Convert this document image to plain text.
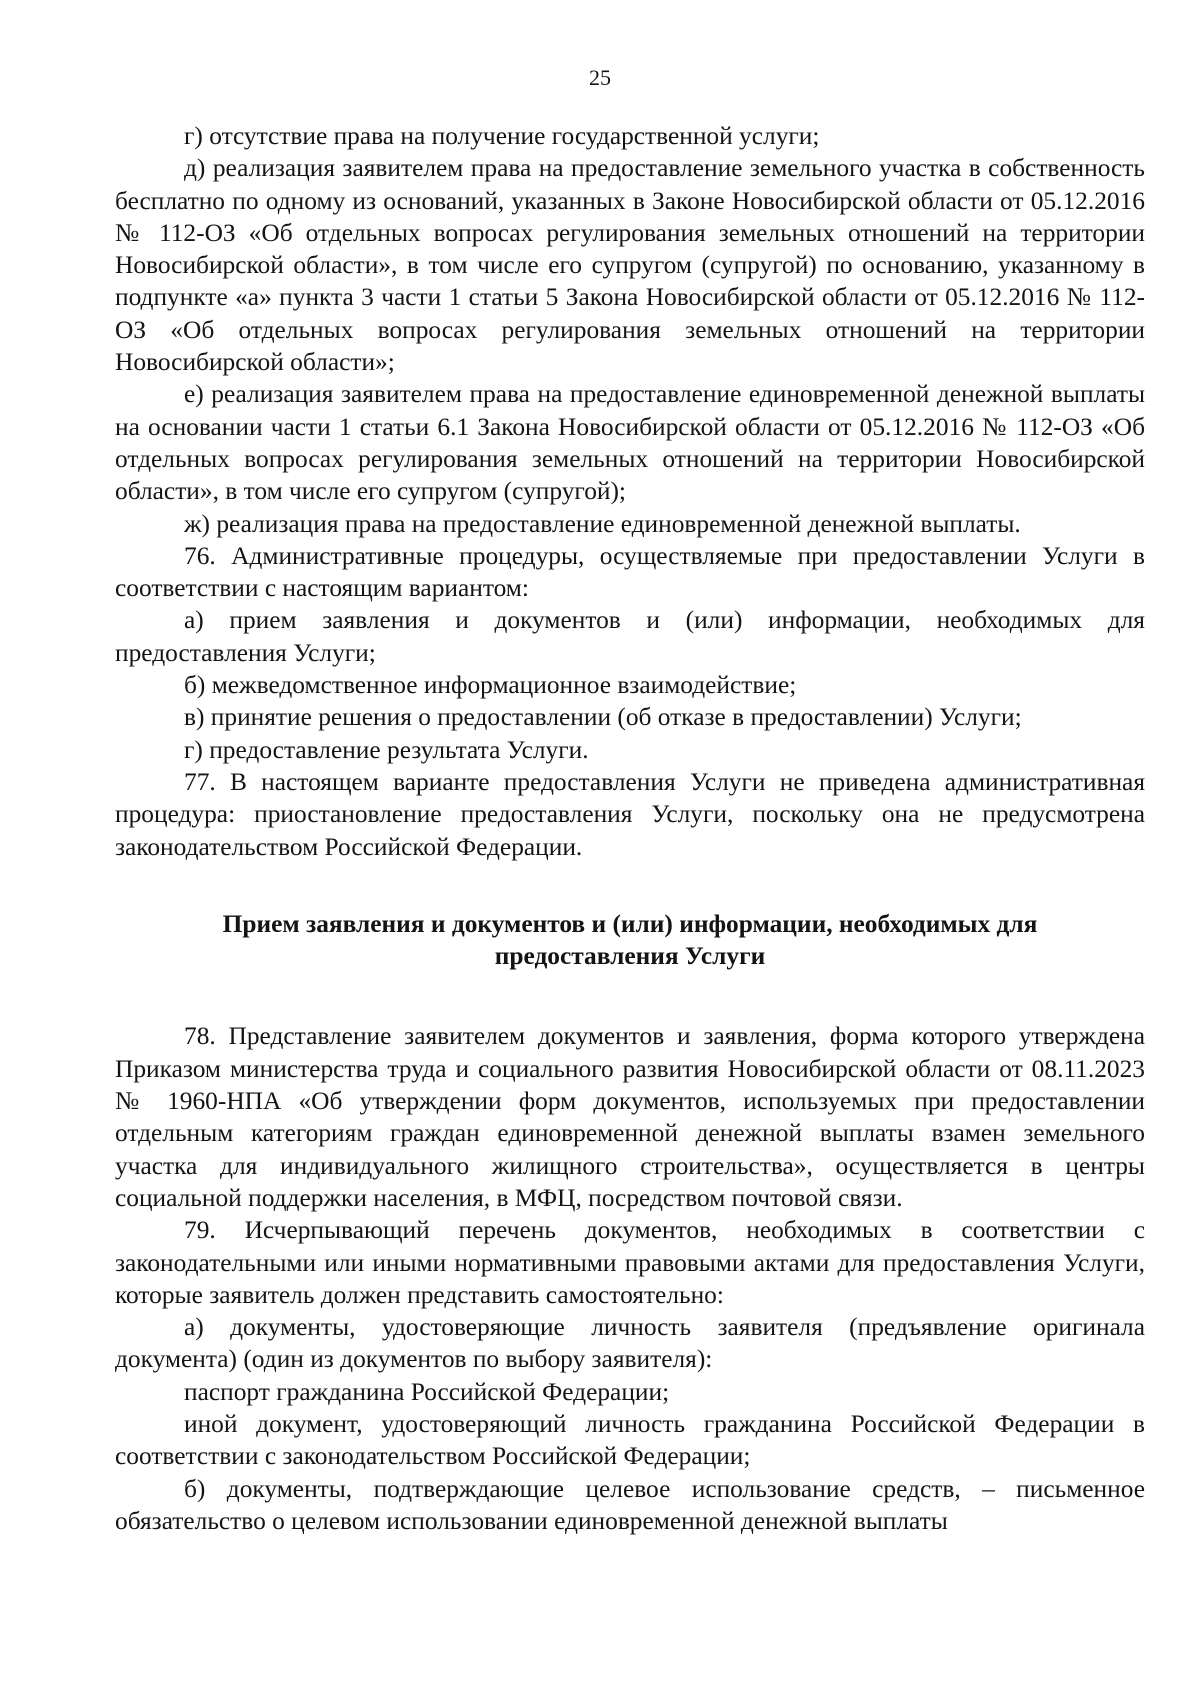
25

г) отсутствие права на получение государственной услуги;

д) реализация заявителем права на предоставление земельного участка в собственность бесплатно по одному из оснований, указанных в Законе Новосибирской области от 05.12.2016 № 112-ОЗ «Об отдельных вопросах регулирования земельных отношений на территории Новосибирской области», в том числе его супругом (супругой) по основанию, указанному в подпункте «а» пункта 3 части 1 статьи 5 Закона Новосибирской области от 05.12.2016 № 112-ОЗ «Об отдельных вопросах регулирования земельных отношений на территории Новосибирской области»;

е) реализация заявителем права на предоставление единовременной денежной выплаты на основании части 1 статьи 6.1 Закона Новосибирской области от 05.12.2016 № 112-ОЗ «Об отдельных вопросах регулирования земельных отношений на территории Новосибирской области», в том числе его супругом (супругой);

ж) реализация права на предоставление единовременной денежной выплаты.

76. Административные процедуры, осуществляемые при предоставлении Услуги в соответствии с настоящим вариантом:

а) прием заявления и документов и (или) информации, необходимых для предоставления Услуги;

б) межведомственное информационное взаимодействие;

в) принятие решения о предоставлении (об отказе в предоставлении) Услуги;

г) предоставление результата Услуги.

77. В настоящем варианте предоставления Услуги не приведена административная процедура: приостановление предоставления Услуги, поскольку она не предусмотрена законодательством Российской Федерации.

Прием заявления и документов и (или) информации, необходимых для
предоставления Услуги

78. Представление заявителем документов и заявления, форма которого утверждена Приказом министерства труда и социального развития Новосибирской области от 08.11.2023 № 1960-НПА «Об утверждении форм документов, используемых при предоставлении отдельным категориям граждан единовременной денежной выплаты взамен земельного участка для индивидуального жилищного строительства», осуществляется в центры социальной поддержки населения, в МФЦ, посредством почтовой связи.

79. Исчерпывающий перечень документов, необходимых в соответствии с законодательными или иными нормативными правовыми актами для предоставления Услуги, которые заявитель должен представить самостоятельно:

а) документы, удостоверяющие личность заявителя (предъявление оригинала документа) (один из документов по выбору заявителя):

паспорт гражданина Российской Федерации;

иной документ, удостоверяющий личность гражданина Российской Федерации в соответствии с законодательством Российской Федерации;

б) документы, подтверждающие целевое использование средств, – письменное обязательство о целевом использовании единовременной денежной выплаты
